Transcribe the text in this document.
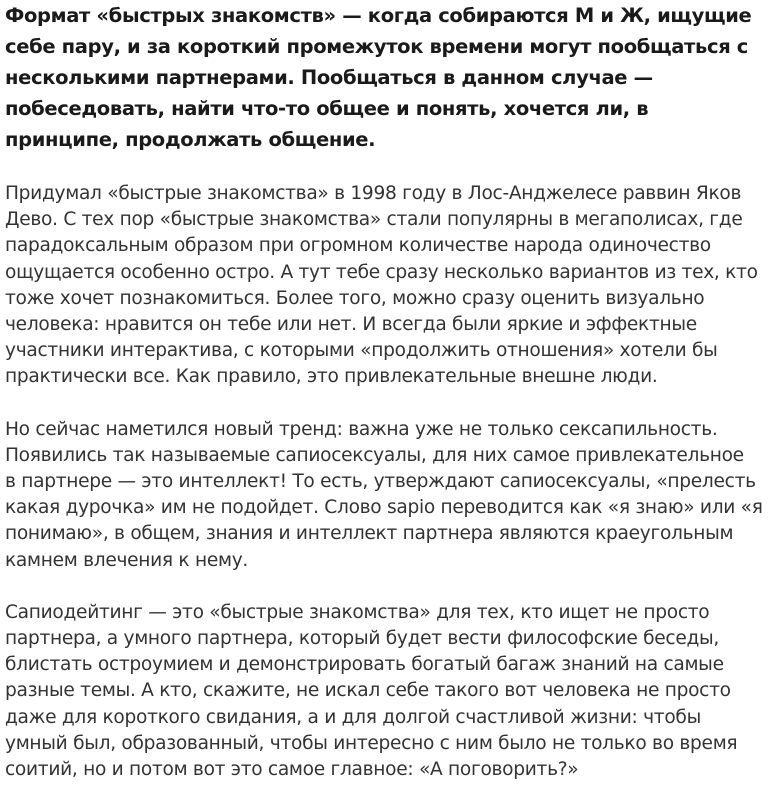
Формат «быстрых знакомств» — когда собираются М и Ж, ищущие
себе пару, и за короткий промежуток времени могут пообщаться с
несколькими партнерами. Пообщаться в данном случае —
побеседовать, найти что-то общее и понять, хочется ли, в
принципе, продолжать общение.

Придумал «быстрые знакомства» в 1998 году в Лос-Анджелесе раввин Яков
Дево. С тех пор «быстрые знакомства» стали популярны в мегаполисах, где
парадоксальным образом при огромном количестве народа одиночество
ощущается особенно остро. А тут тебе сразу несколько вариантов из тех, кто
тоже хочет познакомиться. Более того, можно сразу оценить визуально
человека: нравится он тебе или нет. И всегда были яркие и эффектные
участники интерактива, с которыми «продолжить отношения» хотели бы
практически все. Как правило, это привлекательные внешне люди.

Но сейчас наметился новый тренд: важна уже не только сексапильность.
Появились так называемые сапиосексуалы, для них самое привлекательное
в партнере — это интеллект! То есть, утверждают сапиосексуалы, «прелесть
какая дурочка» им не подойдет. Слово sapio переводится как «я знаю» или «я
понимаю», в общем, знания и интеллект партнера являются краеугольным
камнем влечения к нему.

Сапиодейтинг — это «быстрые знакомства» для тех, кто ищет не просто
партнера, а умного партнера, который будет вести философские беседы,
блистать остроумием и демонстрировать богатый багаж знаний на самые
разные темы. А кто, скажите, не искал себе такого вот человека не просто
даже для короткого свидания, а и для долгой счастливой жизни: чтобы
умный был, образованный, чтобы интересно с ним было не только во время
соитий, но и потом вот это самое главное: «А поговорить?»
